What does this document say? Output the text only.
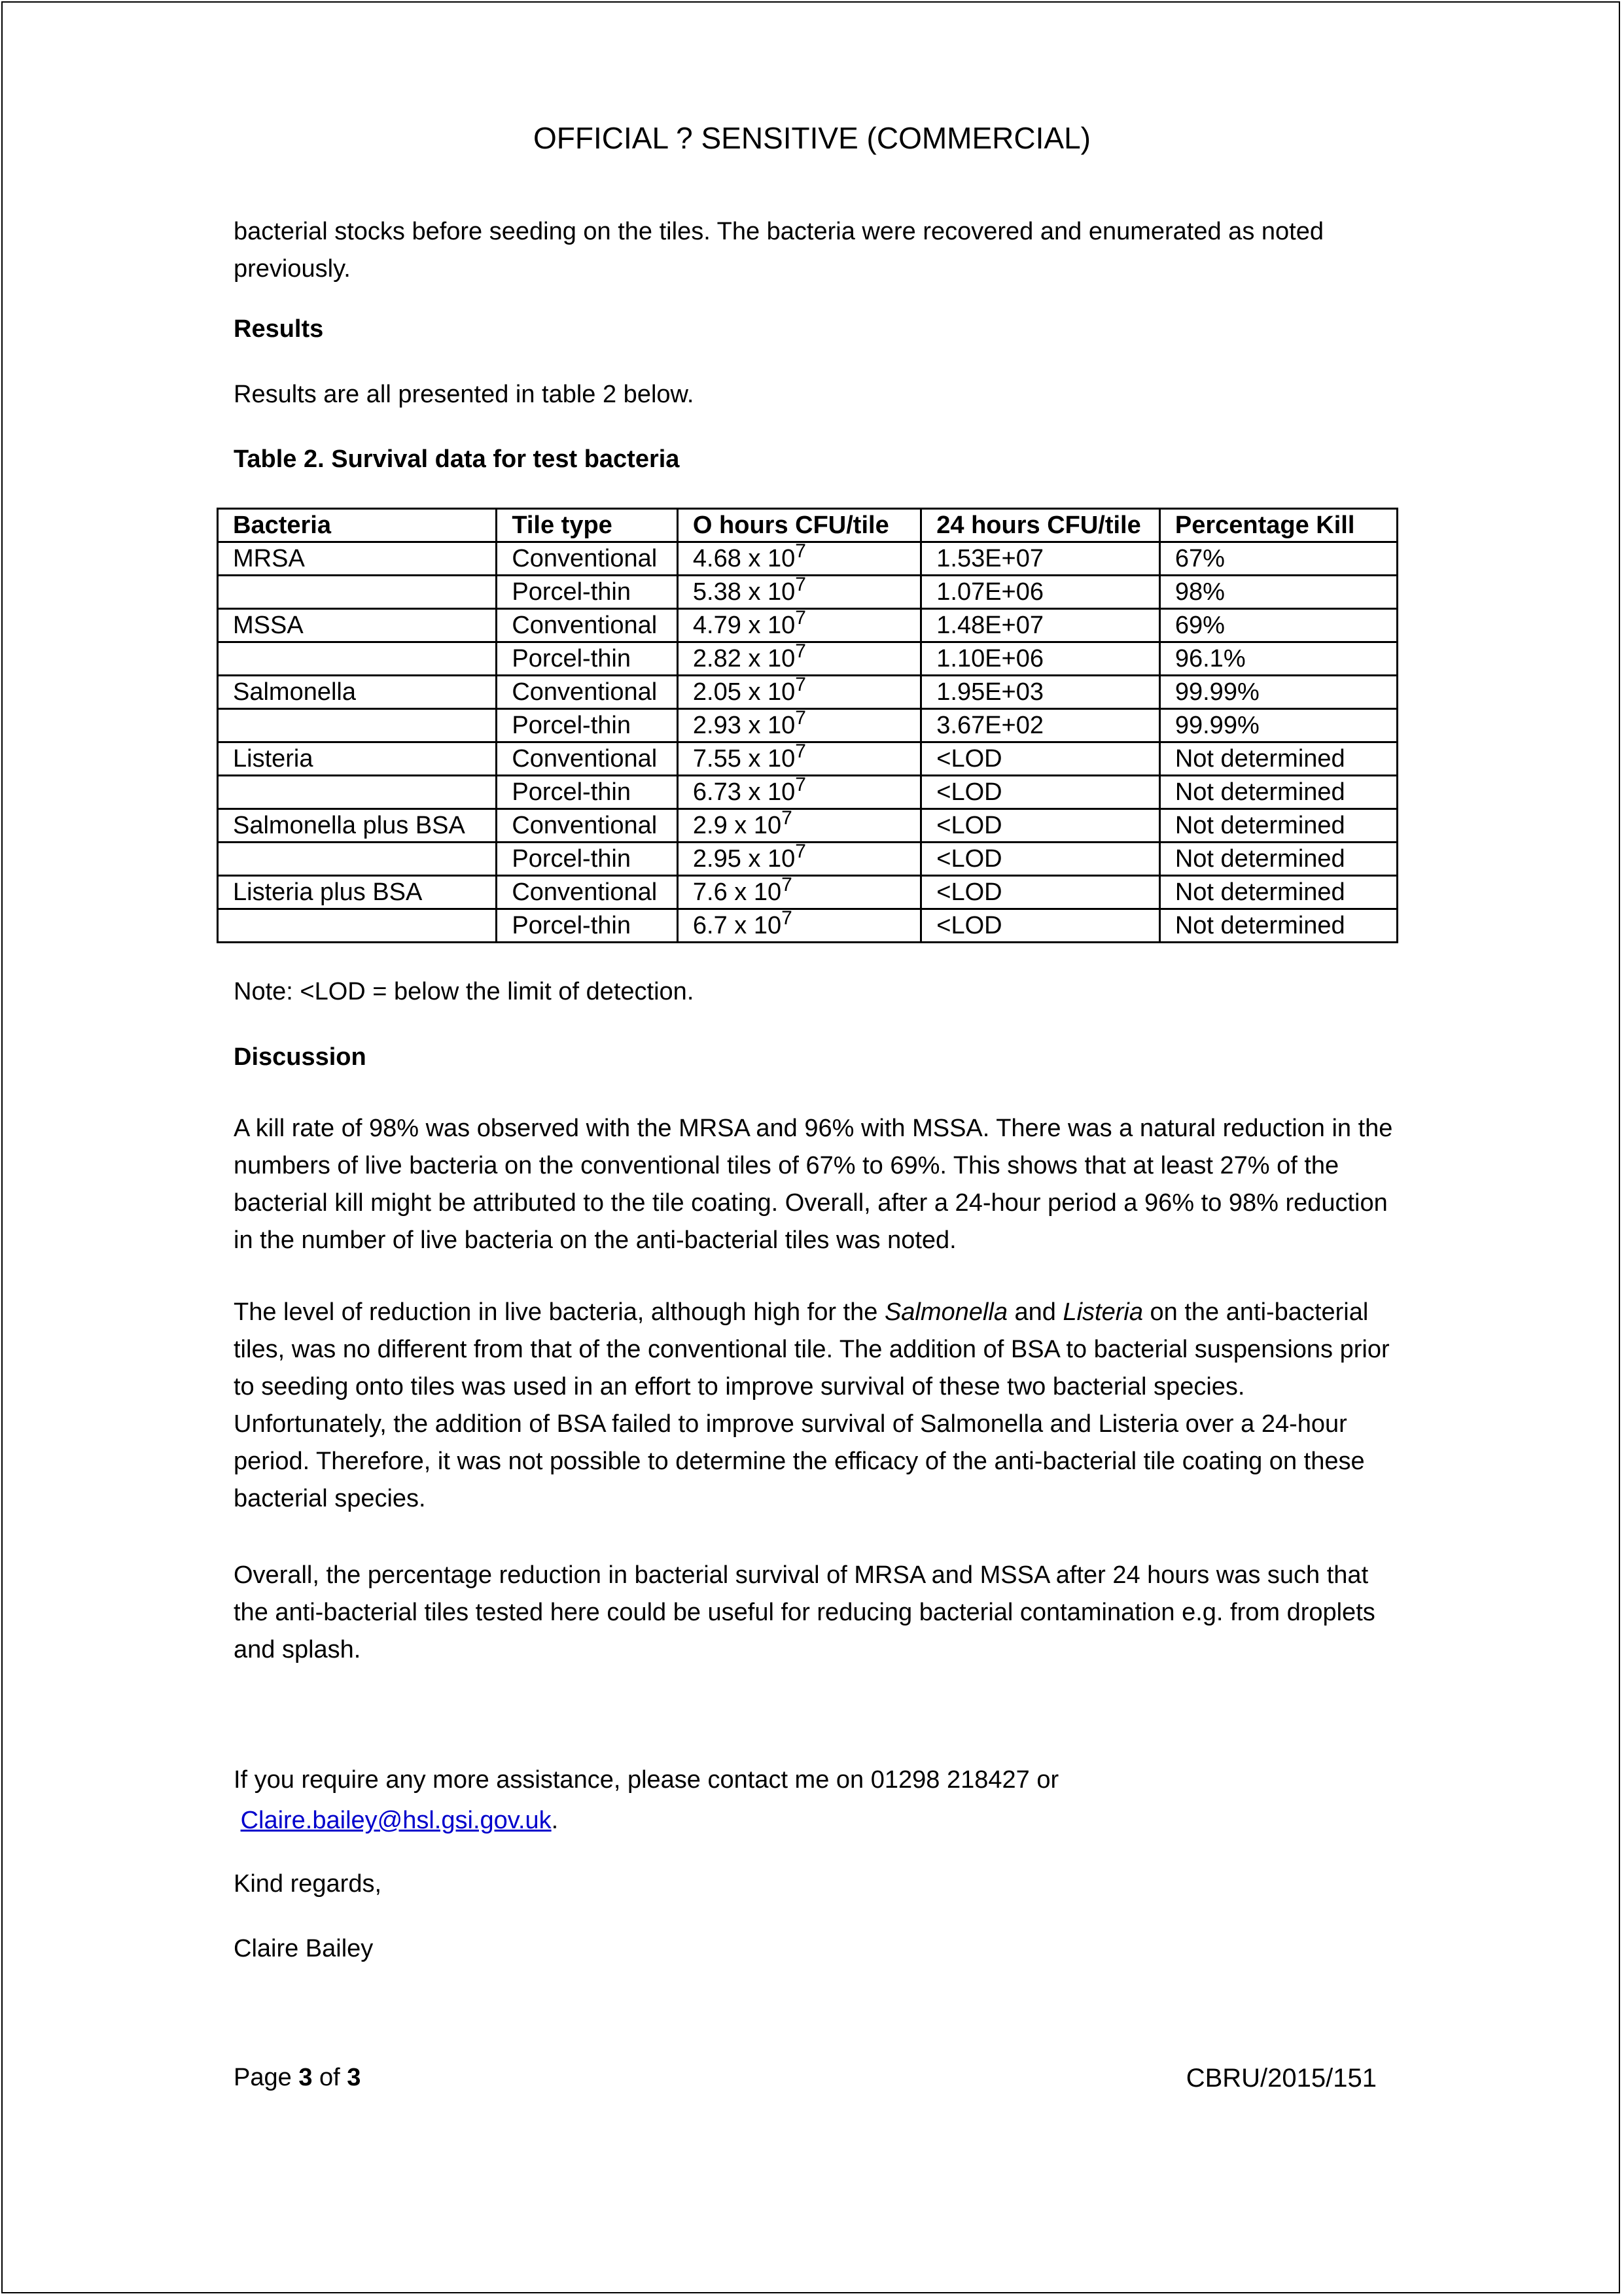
OFFICIAL ? SENSITIVE (COMMERCIAL)

bacterial stocks before seeding on the tiles. The bacteria were recovered and enumerated as noted previously.

Results

Results are all presented in table 2 below.

Table 2. Survival data for test bacteria

Bacteria	Tile type	O hours CFU/tile	24 hours CFU/tile	Percentage Kill
MRSA	Conventional	4.68 x $10^7$	1.53E+07	67%
	Porcel-thin	5.38 x $10^7$	1.07E+06	98%
MSSA	Conventional	4.79 x $10^7$	1.48E+07	69%
	Porcel-thin	2.82 x $10^7$	1.10E+06	96.1%
Salmonella	Conventional	2.05 x $10^7$	1.95E+03	99.99%
	Porcel-thin	2.93 x $10^7$	3.67E+02	99.99%
Listeria	Conventional	7.55 x $10^7$	<LOD	Not determined
	Porcel-thin	6.73 x $10^7$	<LOD	Not determined
Salmonella plus BSA	Conventional	2.9 x $10^7$	<LOD	Not determined
	Porcel-thin	2.95 x $10^7$	<LOD	Not determined
Listeria plus BSA	Conventional	7.6 x $10^7$	<LOD	Not determined
	Porcel-thin	6.7 x $10^7$	<LOD	Not determined

Note: <LOD = below the limit of detection.

Discussion

A kill rate of 98% was observed with the MRSA and 96% with MSSA. There was a natural reduction in the numbers of live bacteria on the conventional tiles of 67% to 69%. This shows that at least 27% of the bacterial kill might be attributed to the tile coating. Overall, after a 24-hour period a 96% to 98% reduction in the number of live bacteria on the anti-bacterial tiles was noted.

The level of reduction in live bacteria, although high for the Salmonella and Listeria on the anti-bacterial tiles, was no different from that of the conventional tile. The addition of BSA to bacterial suspensions prior to seeding onto tiles was used in an effort to improve survival of these two bacterial species. Unfortunately, the addition of BSA failed to improve survival of Salmonella and Listeria over a 24-hour period. Therefore, it was not possible to determine the efficacy of the anti-bacterial tile coating on these bacterial species.

Overall, the percentage reduction in bacterial survival of MRSA and MSSA after 24 hours was such that the anti-bacterial tiles tested here could be useful for reducing bacterial contamination e.g. from droplets and splash.

If you require any more assistance, please contact me on 01298 218427 or
Claire.bailey@hsl.gsi.gov.uk.

Kind regards,

Claire Bailey

Page 3 of 3	CBRU/2015/151
